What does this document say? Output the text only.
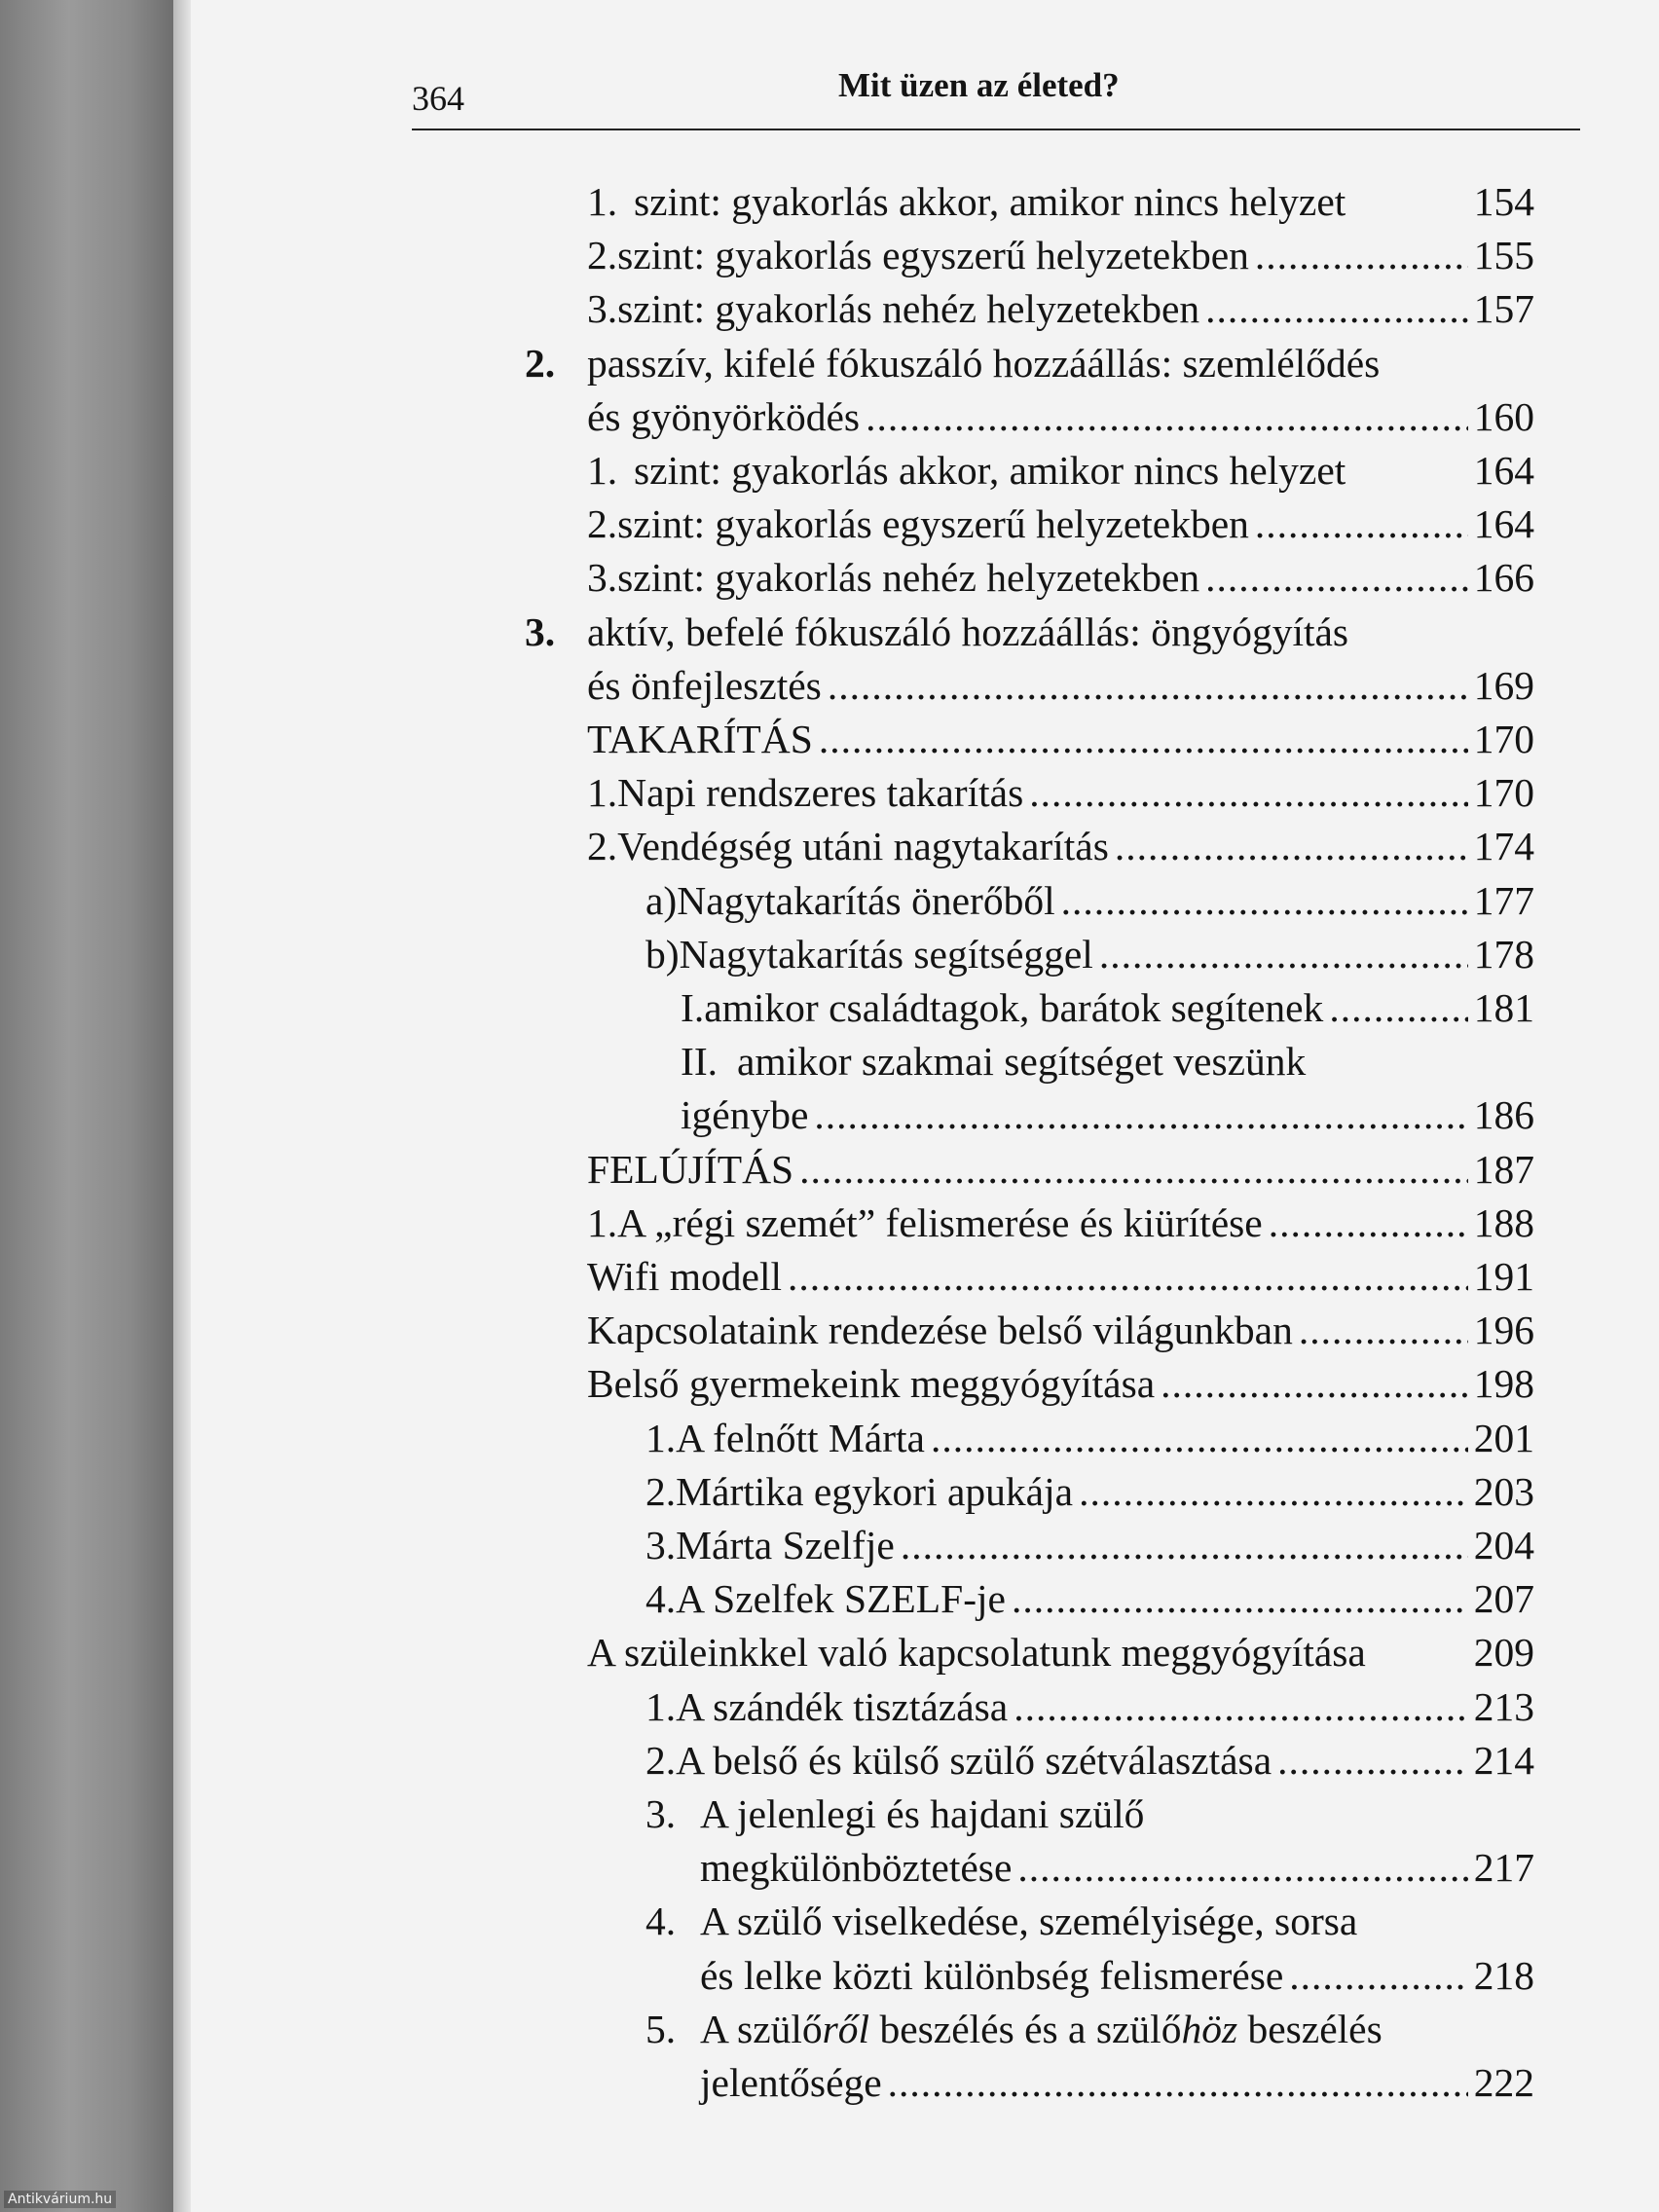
364	Mit üzen az életed?
1. szint: gyakorlás akkor, amikor nincs helyzet	154
2. szint: gyakorlás egyszerű helyzetekben .....	155
3. szint: gyakorlás nehéz helyzetekben .....	157
2. passzív, kifelé fókuszáló hozzáállás: szemlélődés
és gyönyörködés .....	160
1. szint: gyakorlás akkor, amikor nincs helyzet	164
2. szint: gyakorlás egyszerű helyzetekben .....	164
3. szint: gyakorlás nehéz helyzetekben .....	166
3. aktív, befelé fókuszáló hozzáállás: öngyógyítás
és önfejlesztés .....	169
TAKARÍTÁS .....	170
1. Napi rendszeres takarítás .....	170
2. Vendégség utáni nagytakarítás .....	174
a) Nagytakarítás önerőből .....	177
b) Nagytakarítás segítséggel .....	178
I. amikor családtagok, barátok segítenek .....	181
II. amikor szakmai segítséget veszünk
igénybe .....	186
FELÚJÍTÁS .....	187
1. A „régi szemét” felismerése és kiürítése .....	188
Wifi modell .....	191
Kapcsolataink rendezése belső világunkban .....	196
Belső gyermekeink meggyógyítása .....	198
1. A felnőtt Márta .....	201
2. Mártika egykori apukája .....	203
3. Márta Szelfje .....	204
4. A Szelfek SZELF-je .....	207
A szüleinkkel való kapcsolatunk meggyógyítása	209
1. A szándék tisztázása .....	213
2. A belső és külső szülő szétválasztása .....	214
3. A jelenlegi és hajdani szülő
megkülönböztetése .....	217
4. A szülő viselkedése, személyisége, sorsa
és lelke közti különbség felismerése .....	218
5. A szülőről beszélés és a szülőhöz beszélés
jelentősége .....	222
Antikvárium.hu
